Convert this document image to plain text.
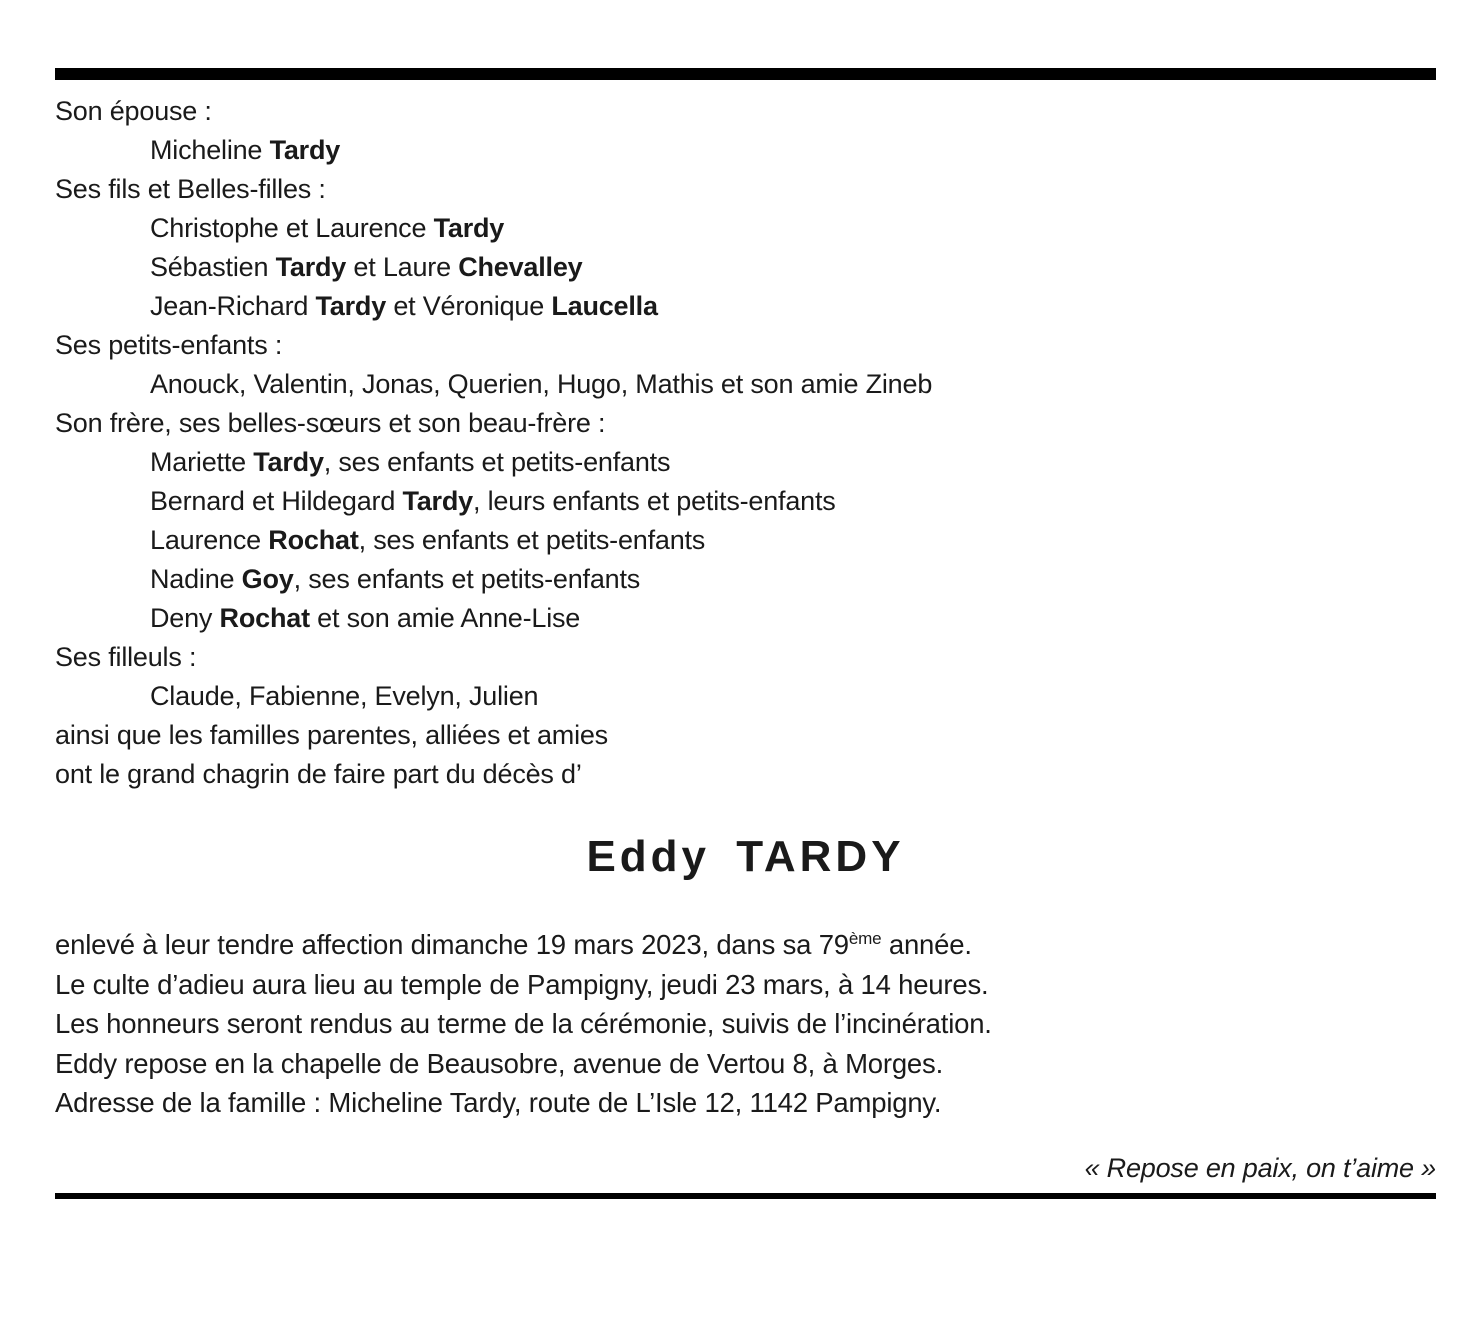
Son épouse :
Micheline Tardy
Ses fils et Belles-filles :
Christophe et Laurence Tardy
Sébastien Tardy et Laure Chevalley
Jean-Richard Tardy et Véronique Laucella
Ses petits-enfants :
Anouck, Valentin, Jonas, Querien, Hugo, Mathis et son amie Zineb
Son frère, ses belles-sœurs et son beau-frère :
Mariette Tardy, ses enfants et petits-enfants
Bernard et Hildegard Tardy, leurs enfants et petits-enfants
Laurence Rochat, ses enfants et petits-enfants
Nadine Goy, ses enfants et petits-enfants
Deny Rochat et son amie Anne-Lise
Ses filleuls :
Claude, Fabienne, Evelyn, Julien
ainsi que les familles parentes, alliées et amies
ont le grand chagrin de faire part du décès d’
Eddy TARDY
enlevé à leur tendre affection dimanche 19 mars 2023, dans sa 79ème année.
Le culte d’adieu aura lieu au temple de Pampigny, jeudi 23 mars, à 14 heures.
Les honneurs seront rendus au terme de la cérémonie, suivis de l’incinération.
Eddy repose en la chapelle de Beausobre, avenue de Vertou 8, à Morges.
Adresse de la famille : Micheline Tardy, route de L’Isle 12, 1142 Pampigny.
« Repose en paix, on t’aime »
